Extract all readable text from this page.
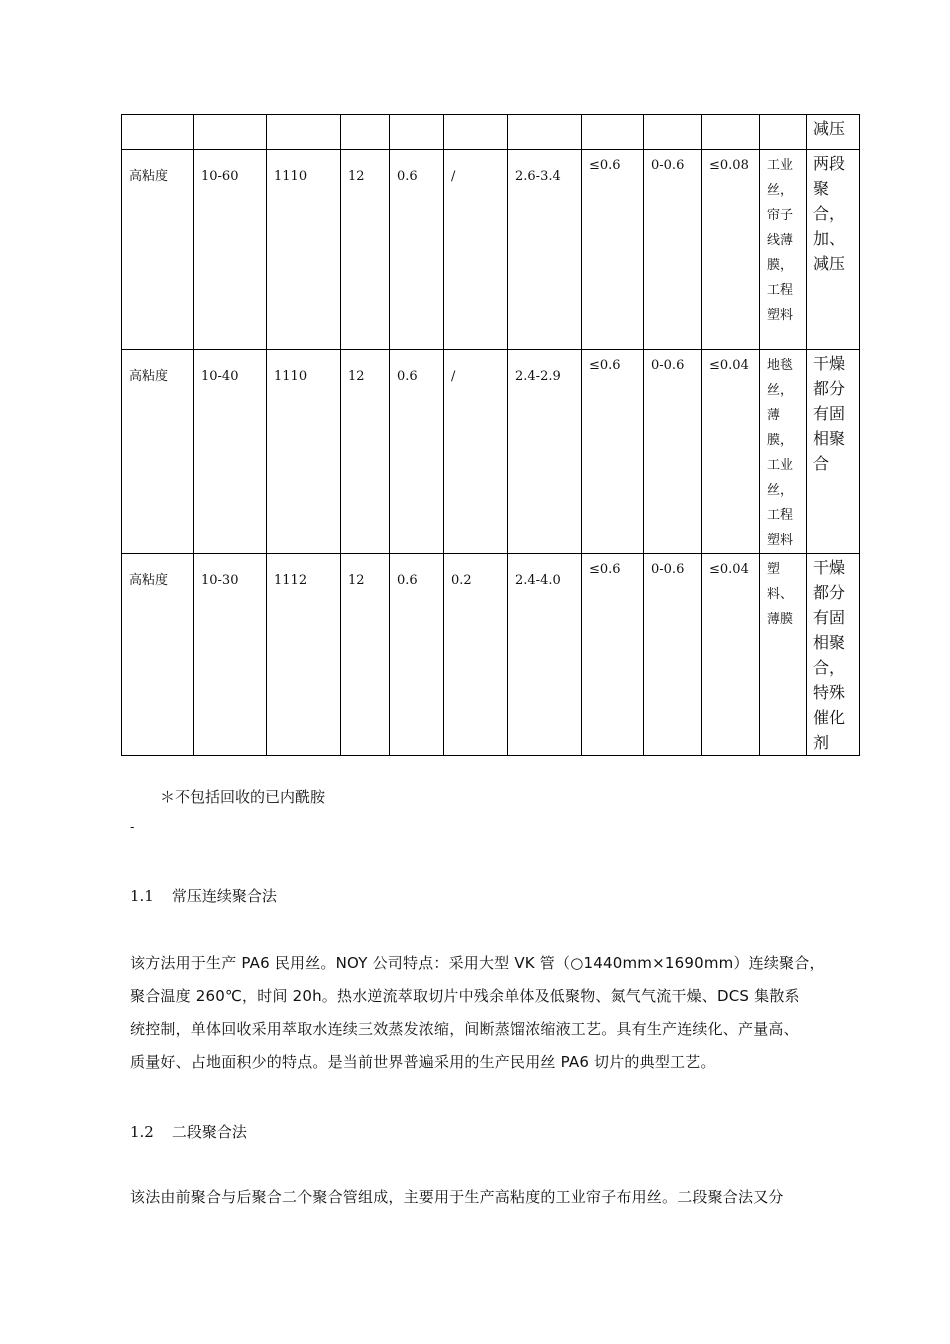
											减压
高粘度	10-60	1110	12	0.6	/	2.6-3.4	≤0.6	0-0.6	≤0.08	工业丝，帘子线薄膜，工程塑料	两段聚合，加、减压
高粘度	10-40	1110	12	0.6	/	2.4-2.9	≤0.6	0-0.6	≤0.04	地毯丝，薄膜，工业丝，工程塑料	干燥都分有固相聚合
高粘度	10-30	1112	12	0.6	0.2	2.4-4.0	≤0.6	0-0.6	≤0.04	塑料、薄膜	干燥都分有固相聚合，特殊催化剂
＊不包括回收的已内酰胺
-
1.1 常压连续聚合法
该方法用于生产 PA6 民用丝。NOY 公司特点：采用大型 VK 管（○1440mm×1690mm）连续聚合，
聚合温度 260℃，时间 20h。热水逆流萃取切片中残余单体及低聚物、氮气气流干燥、DCS 集散系
统控制，单体回收采用萃取水连续三效蒸发浓缩，间断蒸馏浓缩液工艺。具有生产连续化、产量高、
质量好、占地面积少的特点。是当前世界普遍采用的生产民用丝 PA6 切片的典型工艺。
1.2 二段聚合法
该法由前聚合与后聚合二个聚合管组成，主要用于生产高粘度的工业帘子布用丝。二段聚合法又分
